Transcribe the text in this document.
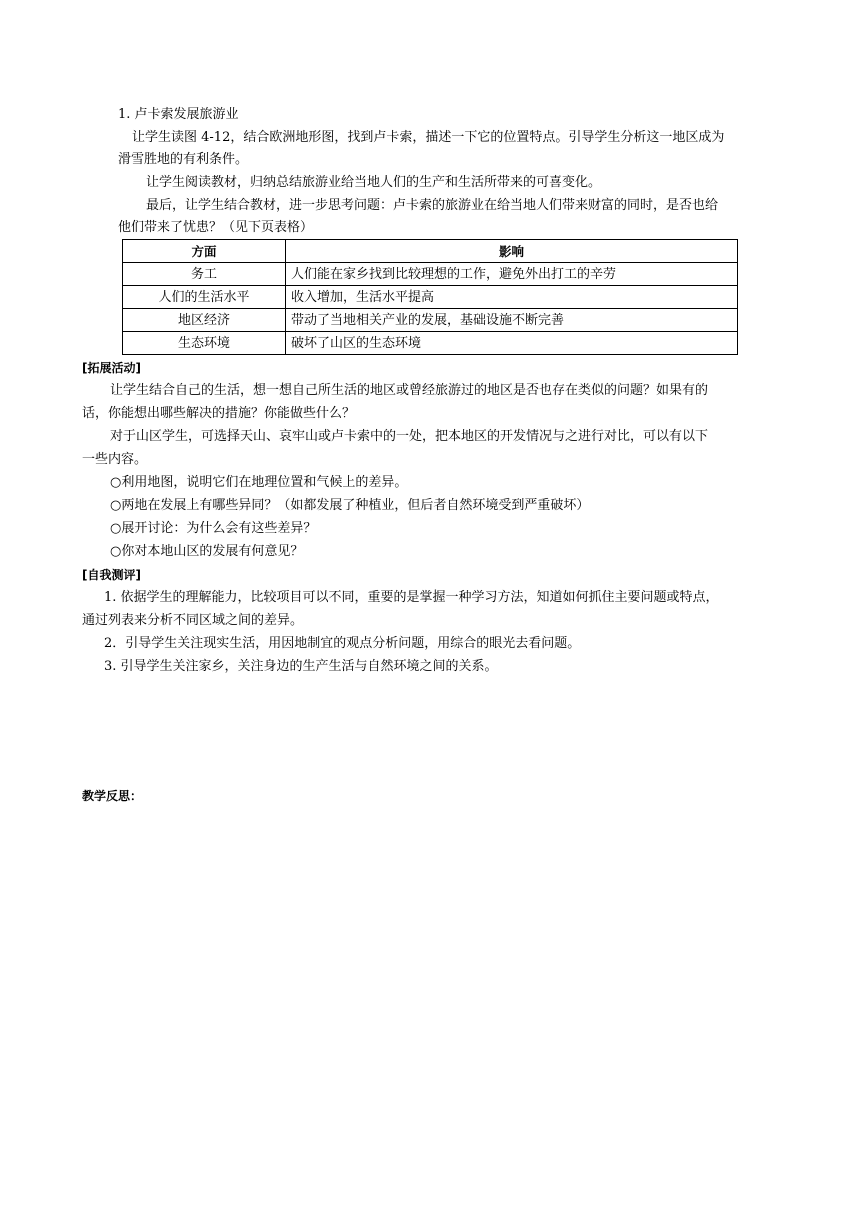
1. 卢卡索发展旅游业
让学生读图 4-12，结合欧洲地形图，找到卢卡索，描述一下它的位置特点。引导学生分析这一地区成为
滑雪胜地的有利条件。
让学生阅读教材，归纳总结旅游业给当地人们的生产和生活所带来的可喜变化。
最后，让学生结合教材，进一步思考问题：卢卡索的旅游业在给当地人们带来财富的同时，是否也给
他们带来了忧患？（见下页表格）
方面	影响
务工	人们能在家乡找到比较理想的工作，避免外出打工的辛劳
人们的生活水平	收入增加，生活水平提高
地区经济	带动了当地相关产业的发展，基础设施不断完善
生态环境	破坏了山区的生态环境
[拓展活动]
让学生结合自己的生活，想一想自己所生活的地区或曾经旅游过的地区是否也存在类似的问题？如果有的
话，你能想出哪些解决的措施？你能做些什么？
对于山区学生，可选择天山、哀牢山或卢卡索中的一处，把本地区的开发情况与之进行对比，可以有以下
一些内容。
○利用地图，说明它们在地理位置和气候上的差异。
○两地在发展上有哪些异同？（如都发展了种植业，但后者自然环境受到严重破坏）
○展开讨论：为什么会有这些差异？
○你对本地山区的发展有何意见？
[自我测评]
1. 依据学生的理解能力，比较项目可以不同，重要的是掌握一种学习方法，知道如何抓住主要问题或特点，
通过列表来分析不同区域之间的差异。
2．引导学生关注现实生活，用因地制宜的观点分析问题，用综合的眼光去看问题。
3. 引导学生关注家乡，关注身边的生产生活与自然环境之间的关系。
教学反思：
